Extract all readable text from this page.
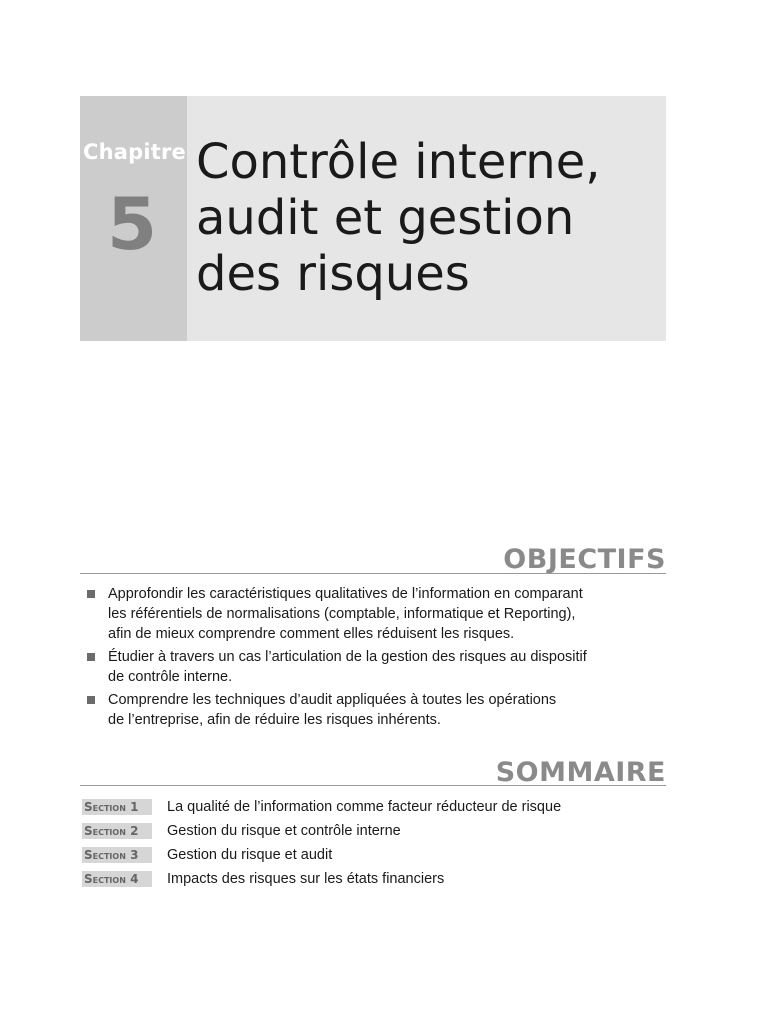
Chapitre
5
Contrôle interne,
audit et gestion
des risques
OBJECTIFS
Approfondir les caractéristiques qualitatives de l’information en comparant
les référentiels de normalisations (comptable, informatique et Reporting),
afin de mieux comprendre comment elles réduisent les risques.
Étudier à travers un cas l’articulation de la gestion des risques au dispositif
de contrôle interne.
Comprendre les techniques d’audit appliquées à toutes les opérations
de l’entreprise, afin de réduire les risques inhérents.
SOMMAIRE
Section 1	La qualité de l’information comme facteur réducteur de risque
Section 2	Gestion du risque et contrôle interne
Section 3	Gestion du risque et audit
Section 4	Impacts des risques sur les états financiers
